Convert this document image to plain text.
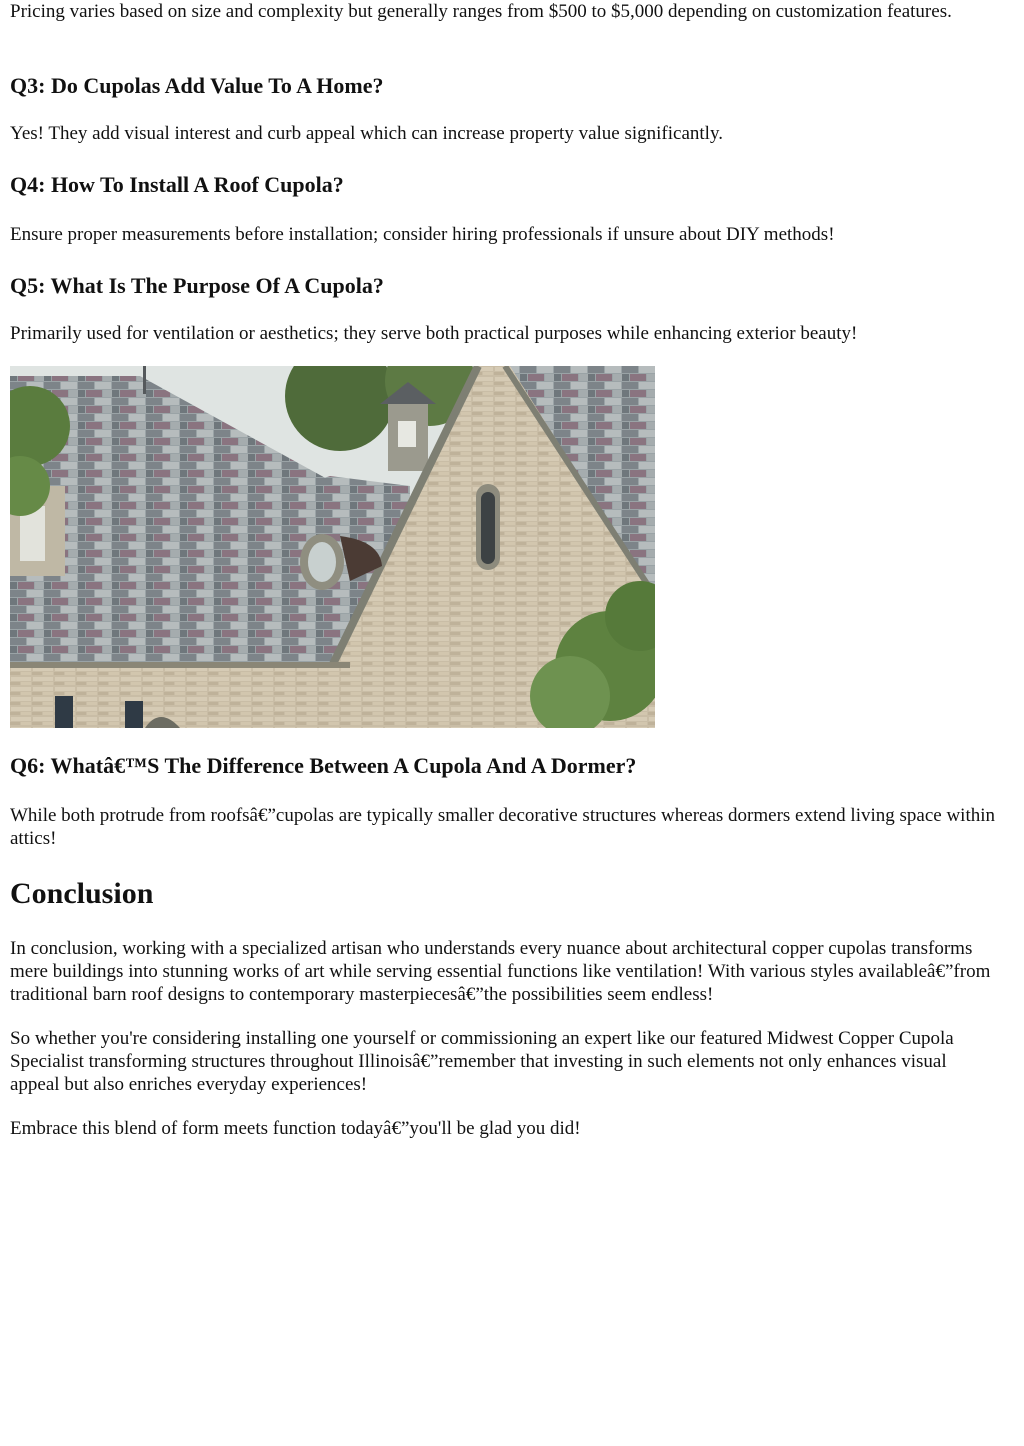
Pricing varies based on size and complexity but generally ranges from $500 to $5,000 depending on customization features.

Q3: Do Cupolas Add Value To A Home?

Yes! They add visual interest and curb appeal which can increase property value significantly.

Q4: How To Install A Roof Cupola?

Ensure proper measurements before installation; consider hiring professionals if unsure about DIY methods!

Q5: What Is The Purpose Of A Cupola?

Primarily used for ventilation or aesthetics; they serve both practical purposes while enhancing exterior beauty!

Q6: Whatâ€™S The Difference Between A Cupola And A Dormer?

While both protrude from roofsâ€”cupolas are typically smaller decorative structures whereas dormers extend living space within attics!

Conclusion

In conclusion, working with a specialized artisan who understands every nuance about architectural copper cupolas transforms mere buildings into stunning works of art while serving essential functions like ventilation! With various styles availableâ€”from traditional barn roof designs to contemporary masterpiecesâ€”the possibilities seem endless!

So whether you're considering installing one yourself or commissioning an expert like our featured Midwest Copper Cupola Specialist transforming structures throughout Illinoisâ€”remember that investing in such elements not only enhances visual appeal but also enriches everyday experiences!

Embrace this blend of form meets function todayâ€”you'll be glad you did!
